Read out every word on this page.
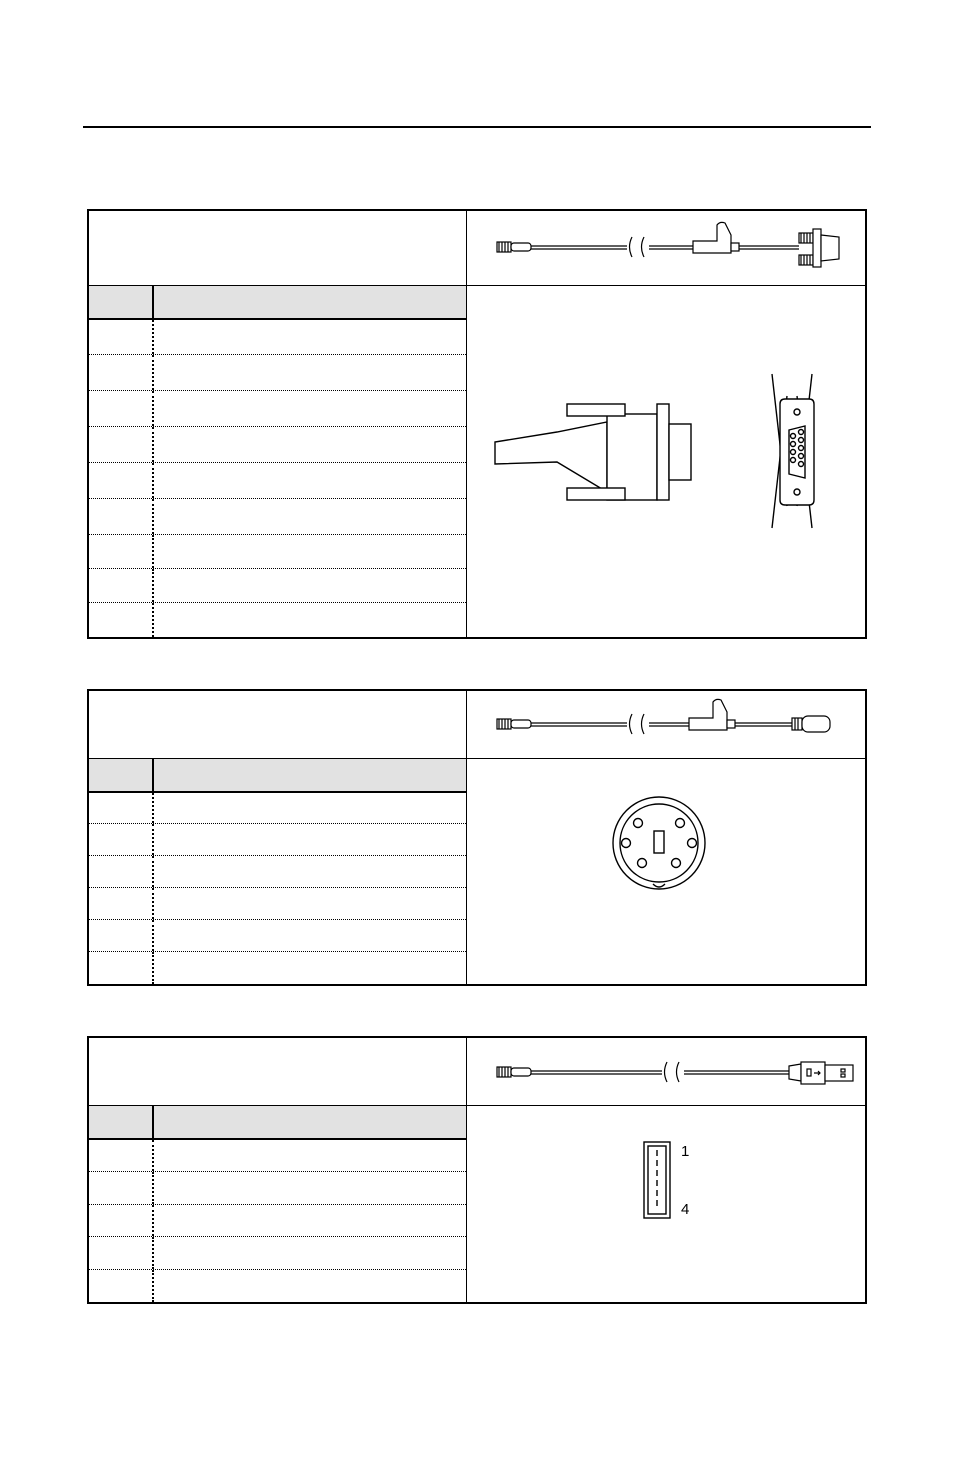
1
4
